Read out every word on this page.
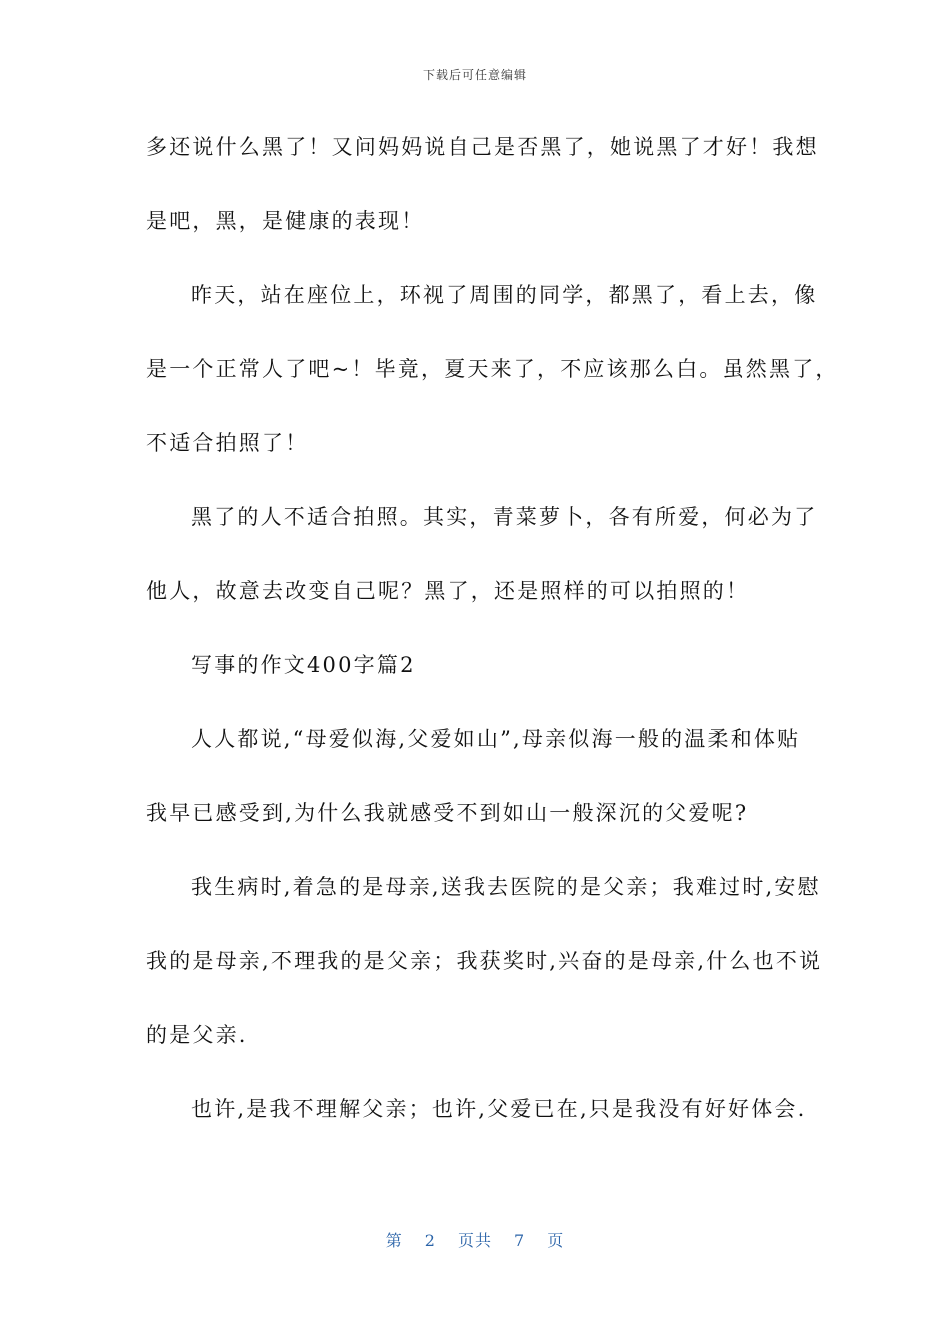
下载后可任意编辑
多还说什么黑了！又问妈妈说自己是否黑了，她说黑了才好！我想
是吧，黑，是健康的表现！
昨天，站在座位上，环视了周围的同学，都黑了，看上去，像
是一个正常人了吧~！毕竟，夏天来了，不应该那么白。虽然黑了，
不适合拍照了！
黑了的人不适合拍照。其实，青菜萝卜，各有所爱，何必为了
他人，故意去改变自己呢？黑了，还是照样的可以拍照的！
写事的作文400字篇2
人人都说,“母爱似海,父爱如山”,母亲似海一般的温柔和体贴
我早已感受到,为什么我就感受不到如山一般深沉的父爱呢?
我生病时,着急的是母亲,送我去医院的是父亲；我难过时,安慰
我的是母亲,不理我的是父亲；我获奖时,兴奋的是母亲,什么也不说
的是父亲.
也许,是我不理解父亲；也许,父爱已在,只是我没有好好体会.
第 2 页共 7 页
